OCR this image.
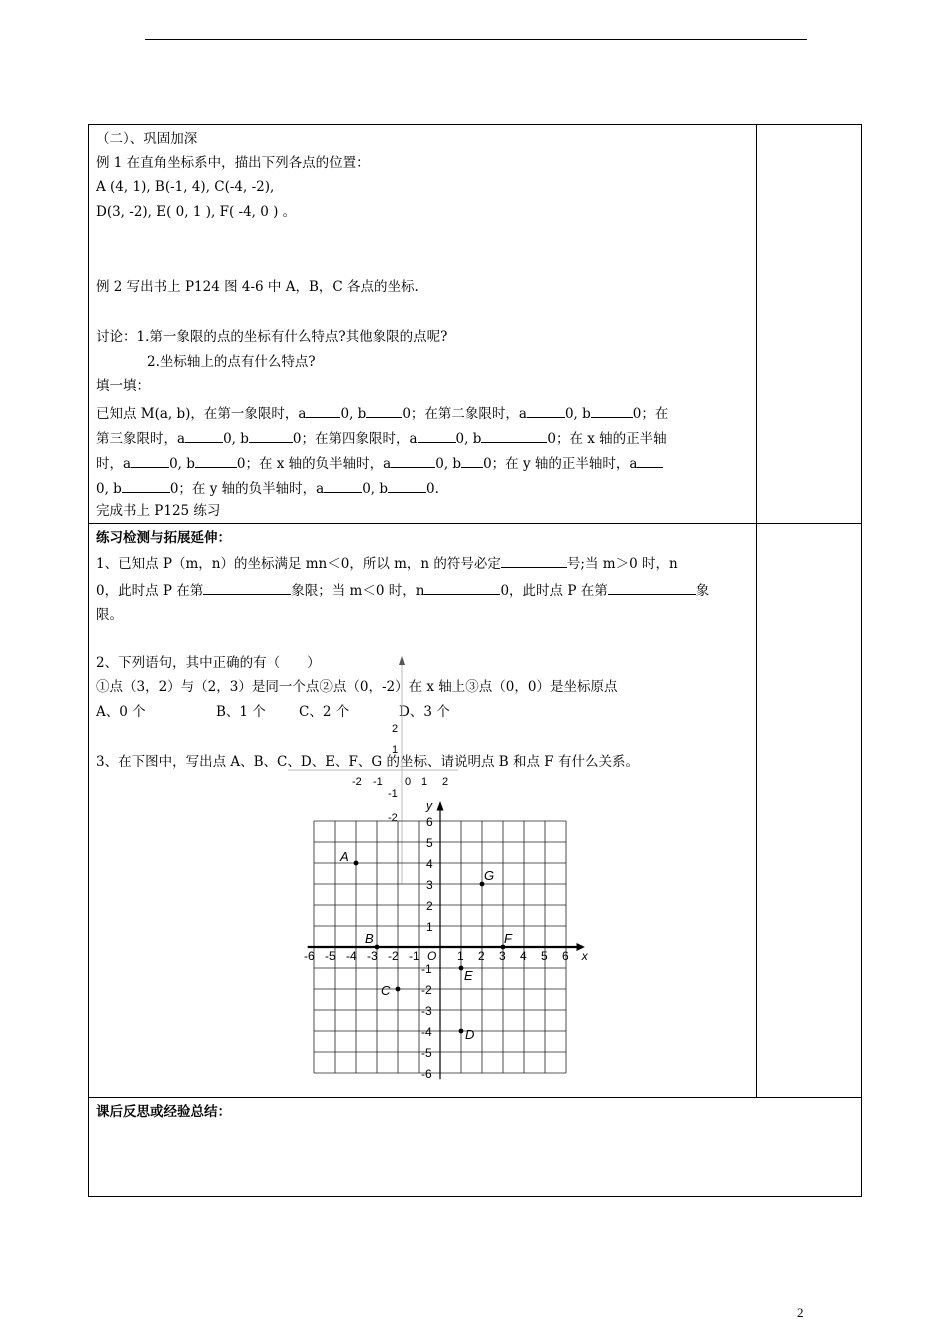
（二）、巩固加深
例 1 在直角坐标系中，描出下列各点的位置：
A (4, 1), B(-1, 4), C(-4, -2),
D(3, -2), E( 0, 1 ), F( -4, 0 ) 。
例 2 写出书上 P124 图 4-6 中 A，B，C 各点的坐标.
讨论：1.第一象限的点的坐标有什么特点?其他象限的点呢?
2.坐标轴上的点有什么特点?
填一填：
已知点 M(a, b)，在第一象限时，a	0, b	0；在第二象限时，a	0, b	0；在
第三象限时，a	0, b	0；在第四象限时，a	0, b	0；在 x 轴的正半轴
时，a	0, b	0；在 x 轴的负半轴时，a	0, b 0；在 y 轴的正半轴时，a
0, b	0；在 y 轴的负半轴时，a	0, b	0.
完成书上 P125 练习
练习检测与拓展延伸：
1、已知点 P（m，n）的坐标满足 mn＜0，所以 m，n 的符号必定	号;当 m＞0 时，n
0，此时点 P 在第	象限；当 m＜0 时，n	0，此时点 P 在第	象
限。
2、下列语句，其中正确的有（　　）
①点（3，2）与（2，3）是同一个点②点（0，-2）在 x 轴上③点（0，0）是坐标原点
A、0 个	B、1 个 C、2 个	D、3 个
3、在下图中，写出点 A、B、C、D、E、F、G 的坐标、请说明点 B 和点 F 有什么关系。
2
1
-1
-2
-2 -1 0 1 2
x
y
O
-6 -5 -4 -3 -2 -1	1 2 3 4 5 6
6
5
4
3
2
1
-1
-2
-3
-4
-5
-6
A
B
C
D
E
F
G
课后反思或经验总结：
2
